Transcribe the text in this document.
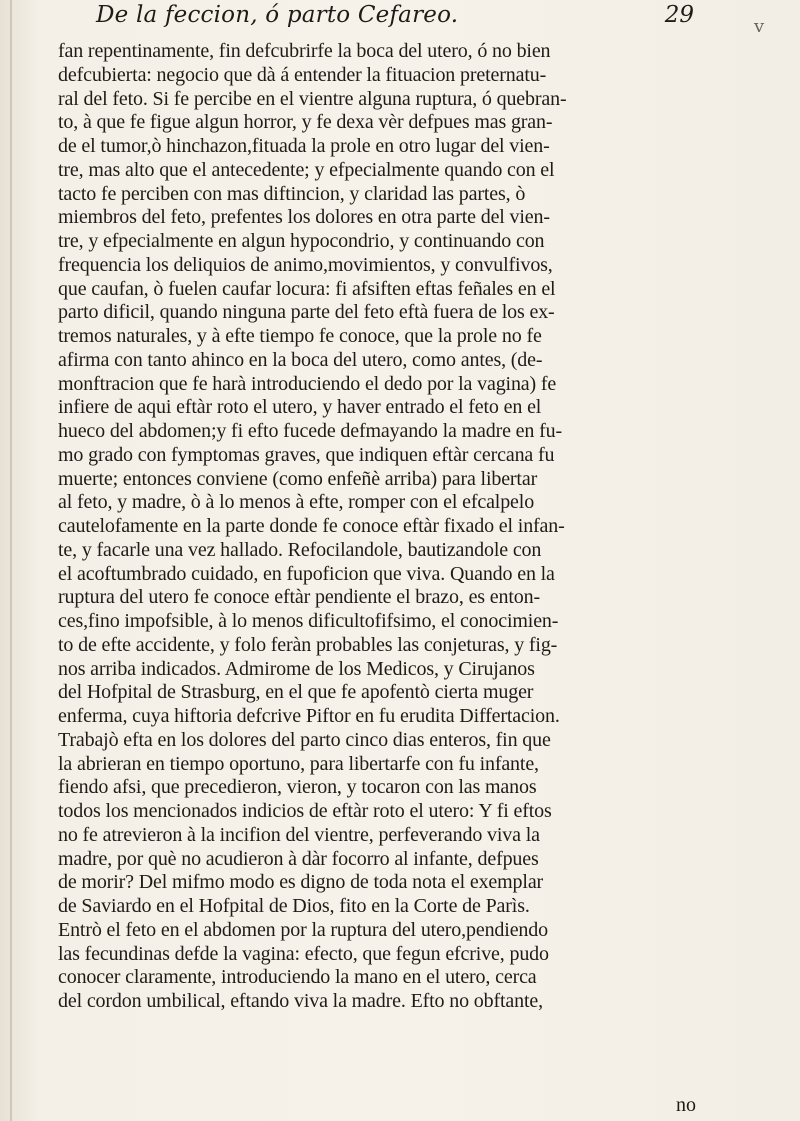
De la feccion, ó parto Cefareo.	29	v
fan repentinamente, fin defcubrirfe la boca del utero, ó no bien
defcubierta: negocio que dà á entender la fituacion preternatu-
ral del feto. Si fe percibe en el vientre alguna ruptura, ó quebran-
to, à que fe figue algun horror, y fe dexa vèr defpues mas gran-
de el tumor,ò hinchazon,fituada la prole en otro lugar del vien-
tre, mas alto que el antecedente; y efpecialmente quando con el
tacto fe perciben con mas diftincion, y claridad las partes, ò
miembros del feto, prefentes los dolores en otra parte del vien-
tre, y efpecialmente en algun hypocondrio, y continuando con
frequencia los deliquios de animo,movimientos, y convulfivos,
que caufan, ò fuelen caufar locura: fi afsiften eftas feñales en el
parto dificil, quando ninguna parte del feto eftà fuera de los ex-
tremos naturales, y à efte tiempo fe conoce, que la prole no fe
afirma con tanto ahinco en la boca del utero, como antes, (de-
monftracion que fe harà introduciendo el dedo por la vagina) fe
infiere de aqui eftàr roto el utero, y haver entrado el feto en el
hueco del abdomen;y fi efto fucede defmayando la madre en fu-
mo grado con fymptomas graves, que indiquen eftàr cercana fu
muerte; entonces conviene (como enfeñè arriba) para libertar
al feto, y madre, ò à lo menos à efte, romper con el efcalpelo
cautelofamente en la parte donde fe conoce eftàr fixado el infan-
te, y facarle una vez hallado. Refocilandole, bautizandole con
el acoftumbrado cuidado, en fupoficion que viva. Quando en la
ruptura del utero fe conoce eftàr pendiente el brazo, es enton-
ces,fino impofsible, à lo menos dificultofifsimo, el conocimien-
to de efte accidente, y folo feràn probables las conjeturas, y fig-
nos arriba indicados. Admirome de los Medicos, y Cirujanos
del Hofpital de Strasburg, en el que fe apofentò cierta muger
enferma, cuya hiftoria defcrive Piftor en fu erudita Differtacion.
Trabajò efta en los dolores del parto cinco dias enteros, fin que
la abrieran en tiempo oportuno, para libertarfe con fu infante,
fiendo afsi, que precedieron, vieron, y tocaron con las manos
todos los mencionados indicios de eftàr roto el utero: Y fi eftos
no fe atrevieron à la incifion del vientre, perfeverando viva la
madre, por què no acudieron à dàr focorro al infante, defpues
de morir? Del mifmo modo es digno de toda nota el exemplar
de Saviardo en el Hofpital de Dios, fito en la Corte de Parìs.
Entrò el feto en el abdomen por la ruptura del utero,pendiendo
las fecundinas defde la vagina: efecto, que fegun efcrive, pudo
conocer claramente, introduciendo la mano en el utero, cerca
del cordon umbilical, eftando viva la madre. Efto no obftante,
no
